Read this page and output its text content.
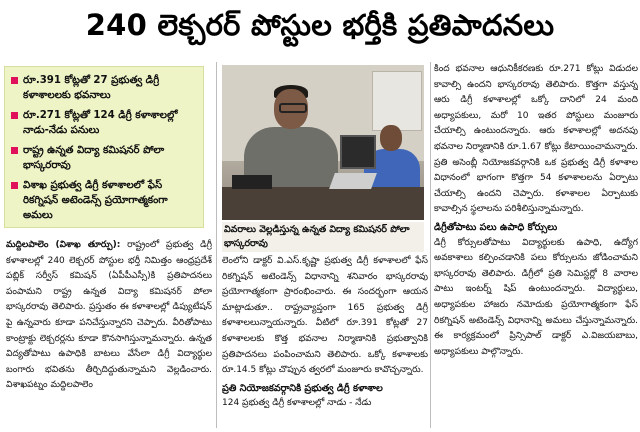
240 లెక్చరర్ పోస్టుల భర్తీకి ప్రతిపాదనలు
రూ.391 కోట్లతో 27 ప్రభుత్వ డిగ్రీ కళాశాలలకు భవనాలు
రూ.271 కోట్లతో 124 డిగ్రీ కళాశాలల్లో నాడు-నేడు పనులు
రాష్ట్ర ఉన్నత విద్యా కమిషనర్ పోలా భాస్కరరావు
విశాఖ ప్రభుత్వ డిగ్రీ కళాశాలలో ఫేస్ రికగ్నిషన్ అటెండెన్స్ ప్రయోగాత్మకంగా అమలు
వివరాలు వెల్లడిస్తున్న ఉన్నత విద్యా కమిషనర్ పోలా భాస్కరరావు
మద్దిలపాలెం (విశాఖ తూర్పు): రాష్ట్రంలో ప్రభుత్వ డిగ్రీ కళాశాలల్లో 240 లెక్చరర్ పోస్టుల భర్తీ నిమిత్తం ఆంధ్రప్రదేశ్ పబ్లిక్ సర్వీస్ కమిషన్ (ఏపీపీఎస్సీ)కి ప్రతిపాదనలు పంపామని రాష్ట్ర ఉన్నత విద్యా కమిషనర్ పోలా భాస్కరరావు తెలిపారు. ప్రస్తుతం ఈ కళాశాలల్లో డిప్యుటేషన్ పై ఉన్నవారు కూడా పనిచేస్తున్నారని చెప్పారు. వీరితోపాటు కాంట్రాక్టు లెక్చరర్లను కూడా కొనసాగిస్తున్నామన్నారు. ఉన్నత విద్యతోపాటు ఉపాధికి బాటలు వేసేలా డిగ్రీ విద్యార్థుల బంగారు భవితను తీర్చిదిద్దుతున్నామని వెల్లడించారు. విశాఖపట్నం మద్దిలపాలెం
లెంలోని డాక్టర్ వి.ఎస్.కృష్ణా ప్రభుత్వ డిగ్రీ కళాశాలలో ఫేస్ రికగ్నిషన్ అటెండెన్స్ విధానాన్ని శనివారం భాస్కరరావు ప్రయోగాత్మకంగా ప్రారంభించారు. ఈ సందర్భంగా ఆయన మాట్లాడుతూ.. రాష్ట్రవ్యాప్తంగా 165 ప్రభుత్వ డిగ్రీ కళాశాలలున్నాయన్నారు. వీటిలో రూ.391 కోట్లతో 27 కళాశాలలకు కొత్త భవనాల నిర్మాణానికి ప్రభుత్వానికి ప్రతిపాదనలు పంపించామని తెలిపారు. ఒక్కో కళాశాలకు రూ.14.5 కోట్లు చొప్పున త్వరలో మంజూరు కావొచ్చన్నారు.
ప్రతి నియోజకవర్గానికి ప్రభుత్వ డిగ్రీ కళాశాల
124 ప్రభుత్వ డిగ్రీ కళాశాలల్లో నాడు - నేడు
కింద భవనాల ఆధునికీకరణకు రూ.271 కోట్లు విడుదల కావాల్సి ఉందని భాస్కరరావు తెలిపారు. కొత్తగా వస్తున్న ఆరు డిగ్రీ కళాశాలల్లో ఒక్కో దానిలో 24 మంది అధ్యాపకులు, మరో 10 ఇతర పోస్టులు మంజూరు చేయాల్సి ఉంటుందన్నారు. ఆరు కళాశాలల్లో అదనపు భవనాల నిర్మాణానికి రూ.1.67 కోట్లు కేటాయించామన్నారు. ప్రతి అసెంబ్లీ నియోజకవర్గానికి ఒక ప్రభుత్వ డిగ్రీ కళాశాల విధానంలో భాగంగా కొత్తగా 54 కళాశాలలను ఏర్పాటు చేయాల్సి ఉందని చెప్పారు. కళాశాలల ఏర్పాటుకు కావాల్సిన స్థలాలను పరిశీలిస్తున్నామన్నారు.
డిగ్రీతోపాటు పలు ఉపాధి కోర్సులు
డిగ్రీ కోర్సులతోపాటు విద్యార్థులకు ఉపాధి, ఉద్యోగ అవకాశాలు కల్పించడానికి పలు కోర్సులను జోడించామని భాస్కరరావు తెలిపారు. డిగ్రీలో ప్రతి సెమిస్టర్లో 8 వారాల పాటు ఇంటర్న్ షిప్ ఉంటుందన్నారు. విద్యార్థులు, అధ్యాపకుల హాజరు నమోదుకు ప్రయోగాత్మకంగా ఫేస్ రికగ్నిషన్ అటెండెన్స్ విధానాన్ని అమలు చేస్తున్నామన్నారు. ఈ కార్యక్రమంలో ప్రిన్సిపాల్ డాక్టర్ ఎ.విజయబాబు, అధ్యాపకులు పాల్గొన్నారు.
